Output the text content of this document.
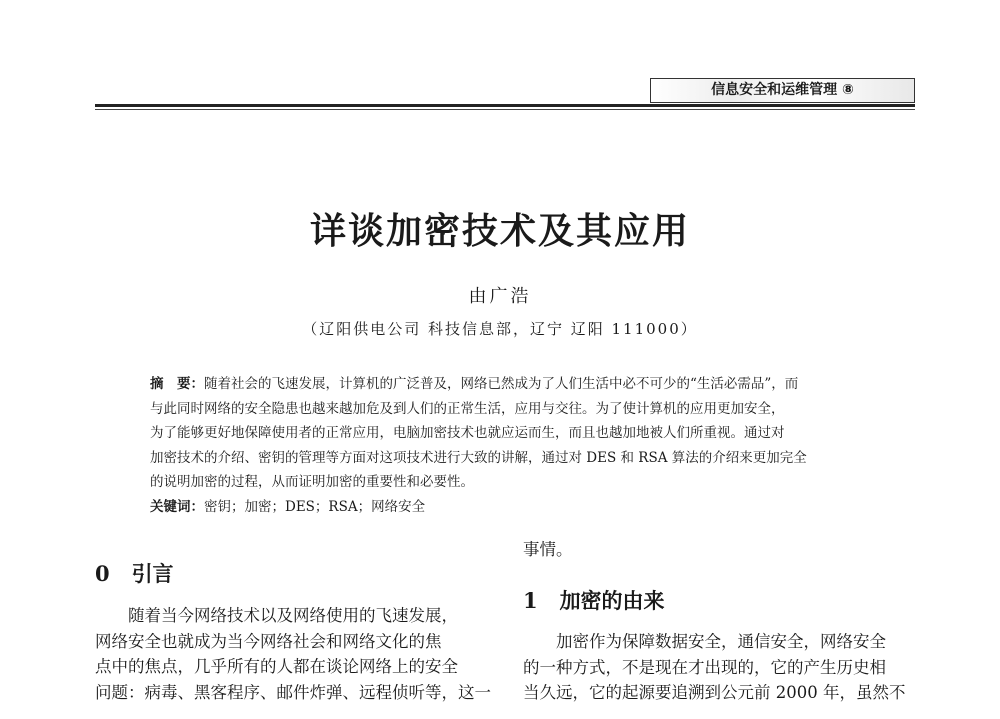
信息安全和运维管理 ⑧
详谈加密技术及其应用
由广浩
（辽阳供电公司 科技信息部，辽宁 辽阳 111000）
摘　要：随着社会的飞速发展，计算机的广泛普及，网络已然成为了人们生活中必不可少的“生活必需品”，而
与此同时网络的安全隐患也越来越加危及到人们的正常生活，应用与交往。为了使计算机的应用更加安全，
为了能够更好地保障使用者的正常应用，电脑加密技术也就应运而生，而且也越加地被人们所重视。通过对
加密技术的介绍、密钥的管理等方面对这项技术进行大致的讲解，通过对 DES 和 RSA 算法的介绍来更加完全
的说明加密的过程，从而证明加密的重要性和必要性。
关键词：密钥；加密；DES；RSA；网络安全
0 引言
　　随着当今网络技术以及网络使用的飞速发展，
网络安全也就成为当今网络社会和网络文化的焦
点中的焦点，几乎所有的人都在谈论网络上的安全
问题：病毒、黑客程序、邮件炸弹、远程侦听等，这一
事情。
1 加密的由来
　　加密作为保障数据安全，通信安全，网络安全
的一种方式，不是现在才出现的，它的产生历史相
当久远，它的起源要追溯到公元前 2000 年，虽然不
